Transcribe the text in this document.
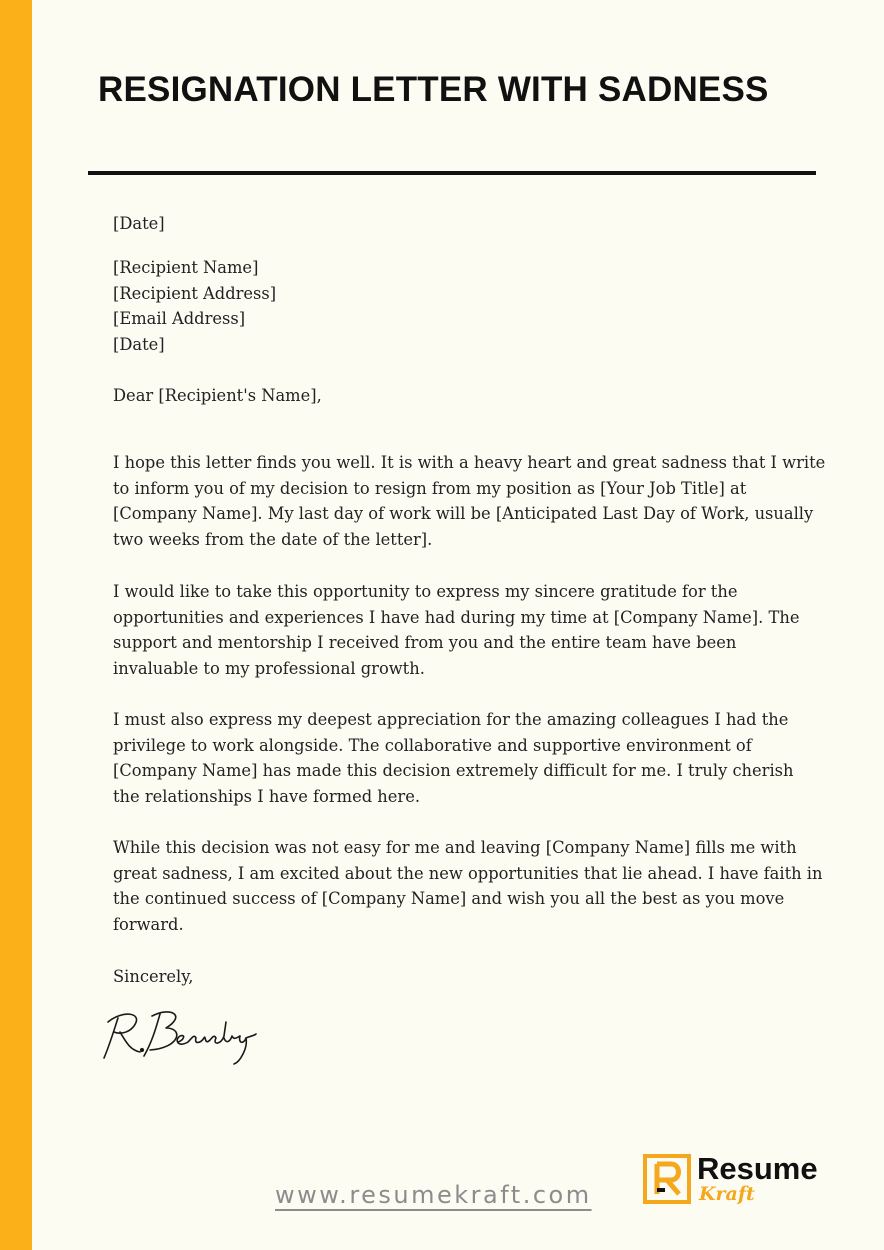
RESIGNATION LETTER WITH SADNESS
[Date]
[Recipient Name]
[Recipient Address]
[Email Address]
[Date]
Dear [Recipient's Name],
I hope this letter finds you well. It is with a heavy heart and great sadness that I write
to inform you of my decision to resign from my position as [Your Job Title] at
[Company Name]. My last day of work will be [Anticipated Last Day of Work, usually
two weeks from the date of the letter].
I would like to take this opportunity to express my sincere gratitude for the
opportunities and experiences I have had during my time at [Company Name]. The
support and mentorship I received from you and the entire team have been
invaluable to my professional growth.
I must also express my deepest appreciation for the amazing colleagues I had the
privilege to work alongside. The collaborative and supportive environment of
[Company Name] has made this decision extremely difficult for me. I truly cherish
the relationships I have formed here.
While this decision was not easy for me and leaving [Company Name] fills me with
great sadness, I am excited about the new opportunities that lie ahead. I have faith in
the continued success of [Company Name] and wish you all the best as you move
forward.
Sincerely,
www.resumekraft.com
Resume
Kraft
